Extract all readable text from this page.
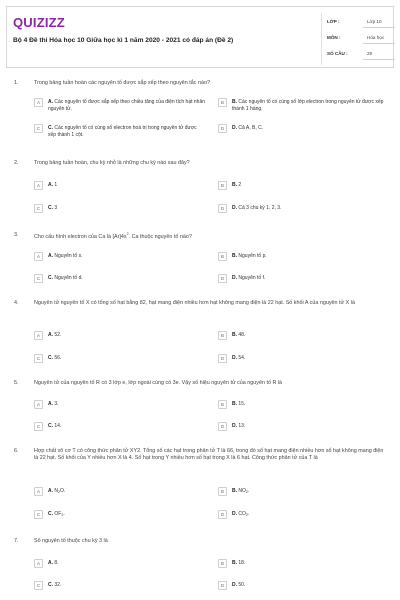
QUIZIZZ
Bộ 4 Đề thi Hóa học 10 Giữa học kì 1 năm 2020 - 2021 có đáp án (Đề 2)
LỚP :	Lớp 10
MÔN :	Hóa học
SỐ CÂU :	29
1.	Trong bảng tuần hoàn các nguyên tố được sắp xếp theo nguyên tắc nào?
A	A. Các nguyên tố được sắp xếp theo chiều tăng của điện tích hạt nhân nguyên tử.
B	B. Các nguyên tố có cùng số lớp electron trong nguyên tử được xếp thành 1 hàng.
C	C. Các nguyên tố có cùng số electron hoá trị trong nguyên tử được xếp thành 1 cột.
D	D. Cả A, B, C.
2.	Trong bảng tuần hoàn, chu kỳ nhỏ là những chu kỳ nào sau đây?
A	A. 1	B	B. 2
C	C. 3	D	D. Cả 3 chu kỳ 1, 2, 3.
3.	Cho cấu hình electron của Ca là $[Ar]4s^2$. Ca thuộc nguyên tố nào?
A	A. Nguyên tố s.	B	B. Nguyên tố p.
C	C. Nguyên tố d.	D	D. Nguyên tố f.
4.	Nguyên tử nguyên tố X có tổng số hạt bằng 82, hạt mang điện nhiều hơn hạt không mang điện là 22 hạt. Số khối A của nguyên tử X là
A	A. 52.	B	B. 48.
C	C. 56.	D	D. 54.
5.	Nguyên tử của nguyên tố R có 3 lớp e, lớp ngoài cùng có 3e. Vậy số hiệu nguyên tử của nguyên tố R là
A	A. 3.	B	B. 15.
C	C. 14.	D	D. 13.
6.	Hợp chất vô cơ T có công thức phân tử XY2. Tổng số các hạt trong phân tử T là 66, trong đó số hạt mang điện nhiều hơn số hạt không mang điện là 22 hạt. Số khối của Y nhiều hơn X là 4. Số hạt trong Y nhiều hơn số hạt trong X là 6 hạt. Công thức phân tử của T là
A	A. $N_2O$.	B	B. $NO_2$.
C	C. $OF_2$.	D	D. $CO_2$.
7.	Số nguyên tố thuộc chu kỳ 3 là
A	A. 8.	B	B. 18.
C	C. 32.	D	D. 50.
